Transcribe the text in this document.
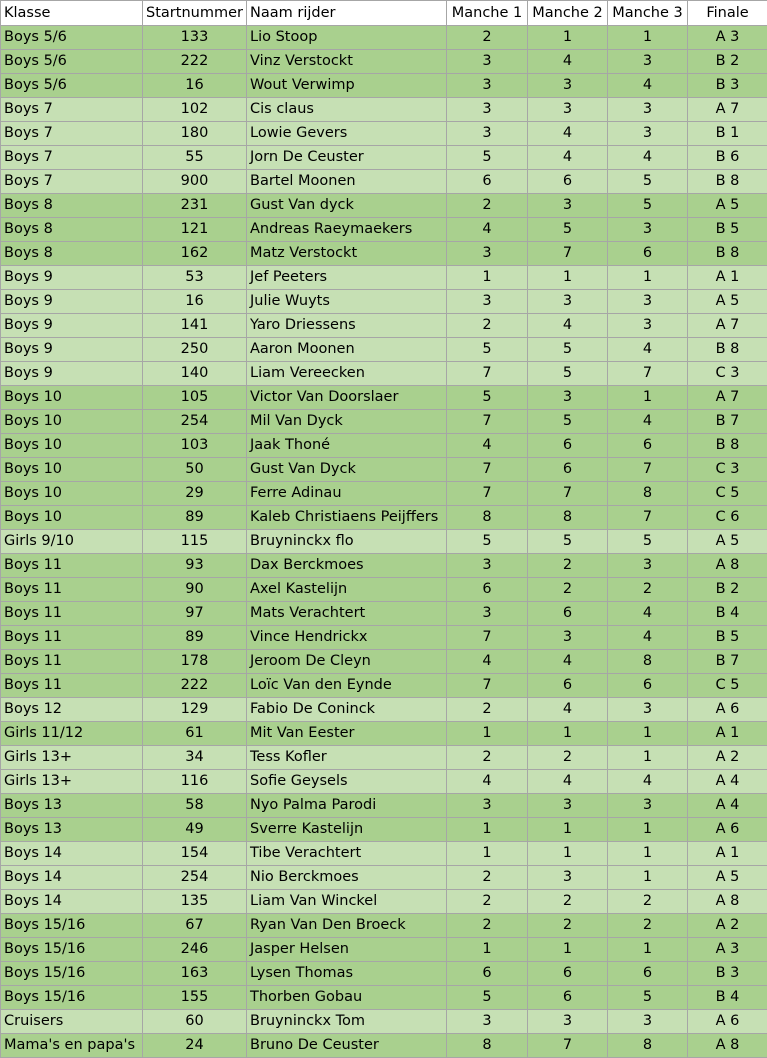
Klasse	Startnummer	Naam rijder	Manche 1	Manche 2	Manche 3	Finale
Boys 5/6	133	Lio Stoop	2	1	1	A 3
Boys 5/6	222	Vinz Verstockt	3	4	3	B 2
Boys 5/6	16	Wout Verwimp	3	3	4	B 3
Boys 7	102	Cis claus	3	3	3	A 7
Boys 7	180	Lowie Gevers	3	4	3	B 1
Boys 7	55	Jorn De Ceuster	5	4	4	B 6
Boys 7	900	Bartel Moonen	6	6	5	B 8
Boys 8	231	Gust Van dyck	2	3	5	A 5
Boys 8	121	Andreas Raeymaekers	4	5	3	B 5
Boys 8	162	Matz Verstockt	3	7	6	B 8
Boys 9	53	Jef Peeters	1	1	1	A 1
Boys 9	16	Julie Wuyts	3	3	3	A 5
Boys 9	141	Yaro Driessens	2	4	3	A 7
Boys 9	250	Aaron Moonen	5	5	4	B 8
Boys 9	140	Liam Vereecken	7	5	7	C 3
Boys 10	105	Victor Van Doorslaer	5	3	1	A 7
Boys 10	254	Mil Van Dyck	7	5	4	B 7
Boys 10	103	Jaak Thoné	4	6	6	B 8
Boys 10	50	Gust Van Dyck	7	6	7	C 3
Boys 10	29	Ferre Adinau	7	7	8	C 5
Boys 10	89	Kaleb Christiaens Peijffers	8	8	7	C 6
Girls 9/10	115	Bruyninckx flo	5	5	5	A 5
Boys 11	93	Dax Berckmoes	3	2	3	A 8
Boys 11	90	Axel Kastelijn	6	2	2	B 2
Boys 11	97	Mats Verachtert	3	6	4	B 4
Boys 11	89	Vince Hendrickx	7	3	4	B 5
Boys 11	178	Jeroom De Cleyn	4	4	8	B 7
Boys 11	222	Loïc Van den Eynde	7	6	6	C 5
Boys 12	129	Fabio De Coninck	2	4	3	A 6
Girls 11/12	61	Mit Van Eester	1	1	1	A 1
Girls 13+	34	Tess Kofler	2	2	1	A 2
Girls 13+	116	Sofie Geysels	4	4	4	A 4
Boys 13	58	Nyo Palma Parodi	3	3	3	A 4
Boys 13	49	Sverre Kastelijn	1	1	1	A 6
Boys 14	154	Tibe Verachtert	1	1	1	A 1
Boys 14	254	Nio Berckmoes	2	3	1	A 5
Boys 14	135	Liam Van Winckel	2	2	2	A 8
Boys 15/16	67	Ryan Van Den Broeck	2	2	2	A 2
Boys 15/16	246	Jasper Helsen	1	1	1	A 3
Boys 15/16	163	Lysen Thomas	6	6	6	B 3
Boys 15/16	155	Thorben Gobau	5	6	5	B 4
Cruisers	60	Bruyninckx Tom	3	3	3	A 6
Mama's en papa's	24	Bruno De Ceuster	8	7	8	A 8
